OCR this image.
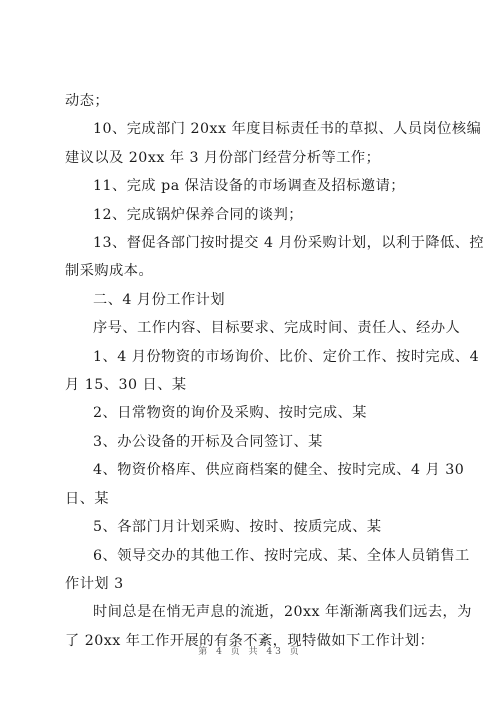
动态；
10、完成部门 20xx 年度目标责任书的草拟、人员岗位核编
建议以及 20xx 年 3 月份部门经营分析等工作；
11、完成 pa 保洁设备的市场调查及招标邀请；
12、完成锅炉保养合同的谈判；
13、督促各部门按时提交 4 月份采购计划，以利于降低、控
制采购成本。
二、4 月份工作计划
序号、工作内容、目标要求、完成时间、责任人、经办人
1、4 月份物资的市场询价、比价、定价工作、按时完成、4
月 15、30 日、某
2、日常物资的询价及采购、按时完成、某
3、办公设备的开标及合同签订、某
4、物资价格库、供应商档案的健全、按时完成、4 月 30
日、某
5、各部门月计划采购、按时、按质完成、某
6、领导交办的其他工作、按时完成、某、全体人员销售工
作计划 3
时间总是在悄无声息的流逝，20xx 年渐渐离我们远去，为
了 20xx 年工作开展的有条不紊，现特做如下工作计划：
第 4 页 共 43 页
